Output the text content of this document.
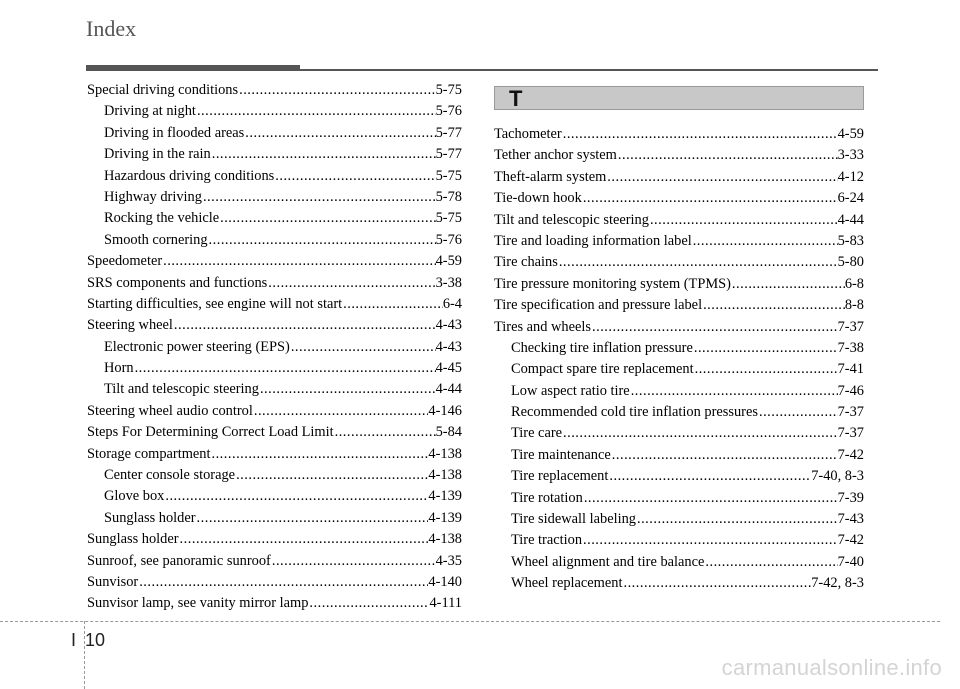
Index
Special driving conditions .....	5-75
Driving at night .....	5-76
Driving in flooded areas .....	5-77
Driving in the rain .....	5-77
Hazardous driving conditions .....	5-75
Highway driving .....	5-78
Rocking the vehicle .....	5-75
Smooth cornering .....	5-76
Speedometer .....	4-59
SRS components and functions .....	3-38
Starting difficulties, see engine will not start .....	6-4
Steering wheel .....	4-43
Electronic power steering (EPS) .....	4-43
Horn .....	4-45
Tilt and telescopic steering .....	4-44
Steering wheel audio control .....	4-146
Steps For Determining Correct Load Limit .....	5-84
Storage compartment .....	4-138
Center console storage .....	4-138
Glove box .....	4-139
Sunglass holder .....	4-139
Sunglass holder .....	4-138
Sunroof, see panoramic sunroof .....	4-35
Sunvisor .....	4-140
Sunvisor lamp, see vanity mirror lamp .....	4-111
T
Tachometer .....	4-59
Tether anchor system .....	3-33
Theft-alarm system .....	4-12
Tie-down hook .....	6-24
Tilt and telescopic steering .....	4-44
Tire and loading information label .....	5-83
Tire chains .....	5-80
Tire pressure monitoring system (TPMS) .....	6-8
Tire specification and pressure label .....	8-8
Tires and wheels .....	7-37
Checking tire inflation pressure .....	7-38
Compact spare tire replacement .....	7-41
Low aspect ratio tire .....	7-46
Recommended cold tire inflation pressures .....	7-37
Tire care .....	7-37
Tire maintenance .....	7-42
Tire replacement .....	7-40, 8-3
Tire rotation .....	7-39
Tire sidewall labeling .....	7-43
Tire traction .....	7-42
Wheel alignment and tire balance .....	7-40
Wheel replacement .....	7-42, 8-3
I 10
carmanualsonline.info
